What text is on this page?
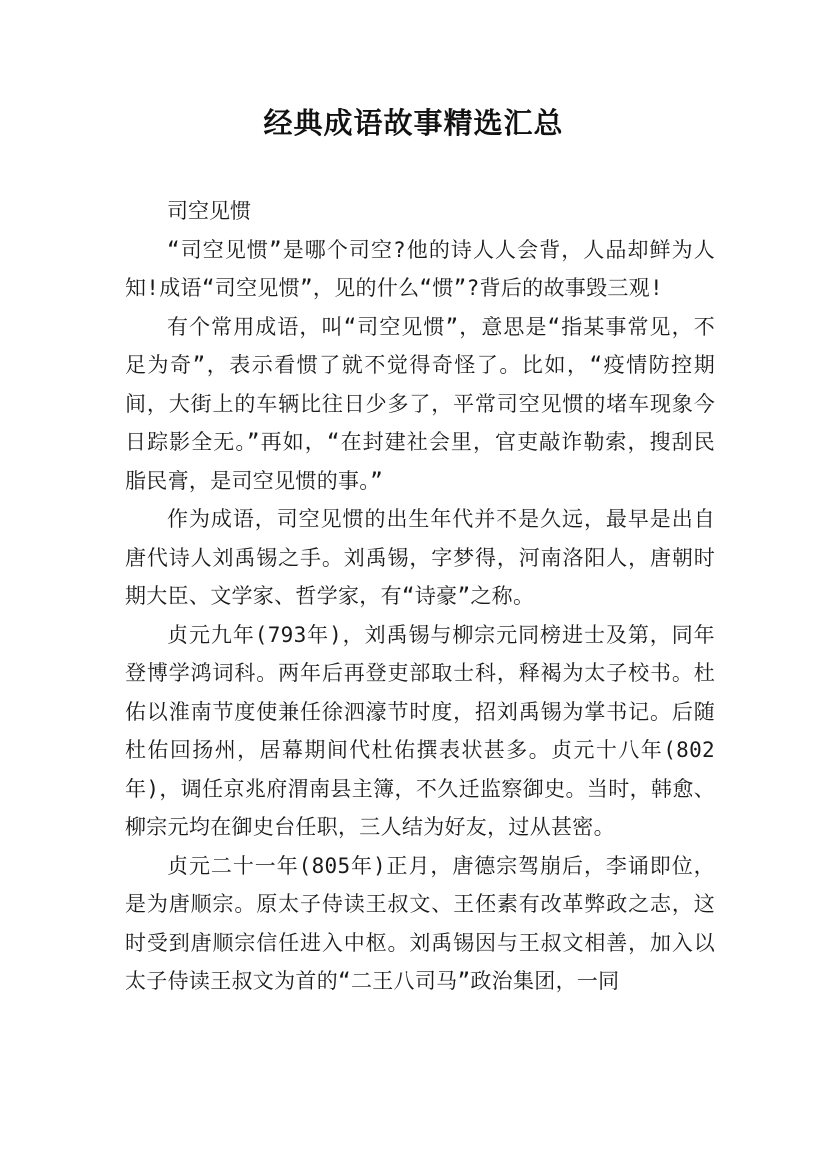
经典成语故事精选汇总

司空见惯

“司空见惯”是哪个司空?他的诗人人会背，人品却鲜为人知!成语“司空见惯”，见的什么“惯”?背后的故事毁三观!

有个常用成语，叫“司空见惯”，意思是“指某事常见，不足为奇”，表示看惯了就不觉得奇怪了。比如，“疫情防控期间，大街上的车辆比往日少多了，平常司空见惯的堵车现象今日踪影全无。”再如，“在封建社会里，官吏敲诈勒索，搜刮民脂民膏，是司空见惯的事。”

作为成语，司空见惯的出生年代并不是久远，最早是出自唐代诗人刘禹锡之手。刘禹锡，字梦得，河南洛阳人，唐朝时期大臣、文学家、哲学家，有“诗豪”之称。

贞元九年(793年)，刘禹锡与柳宗元同榜进士及第，同年登博学鸿词科。两年后再登吏部取士科，释褐为太子校书。杜佑以淮南节度使兼任徐泗濠节时度，招刘禹锡为掌书记。后随杜佑回扬州，居幕期间代杜佑撰表状甚多。贞元十八年(802年)，调任京兆府渭南县主簿，不久迁监察御史。当时，韩愈、柳宗元均在御史台任职，三人结为好友，过从甚密。

贞元二十一年(805年)正月，唐德宗驾崩后，李诵即位，是为唐顺宗。原太子侍读王叔文、王伾素有改革弊政之志，这时受到唐顺宗信任进入中枢。刘禹锡因与王叔文相善，加入以太子侍读王叔文为首的“二王八司马”政治集团，一同
